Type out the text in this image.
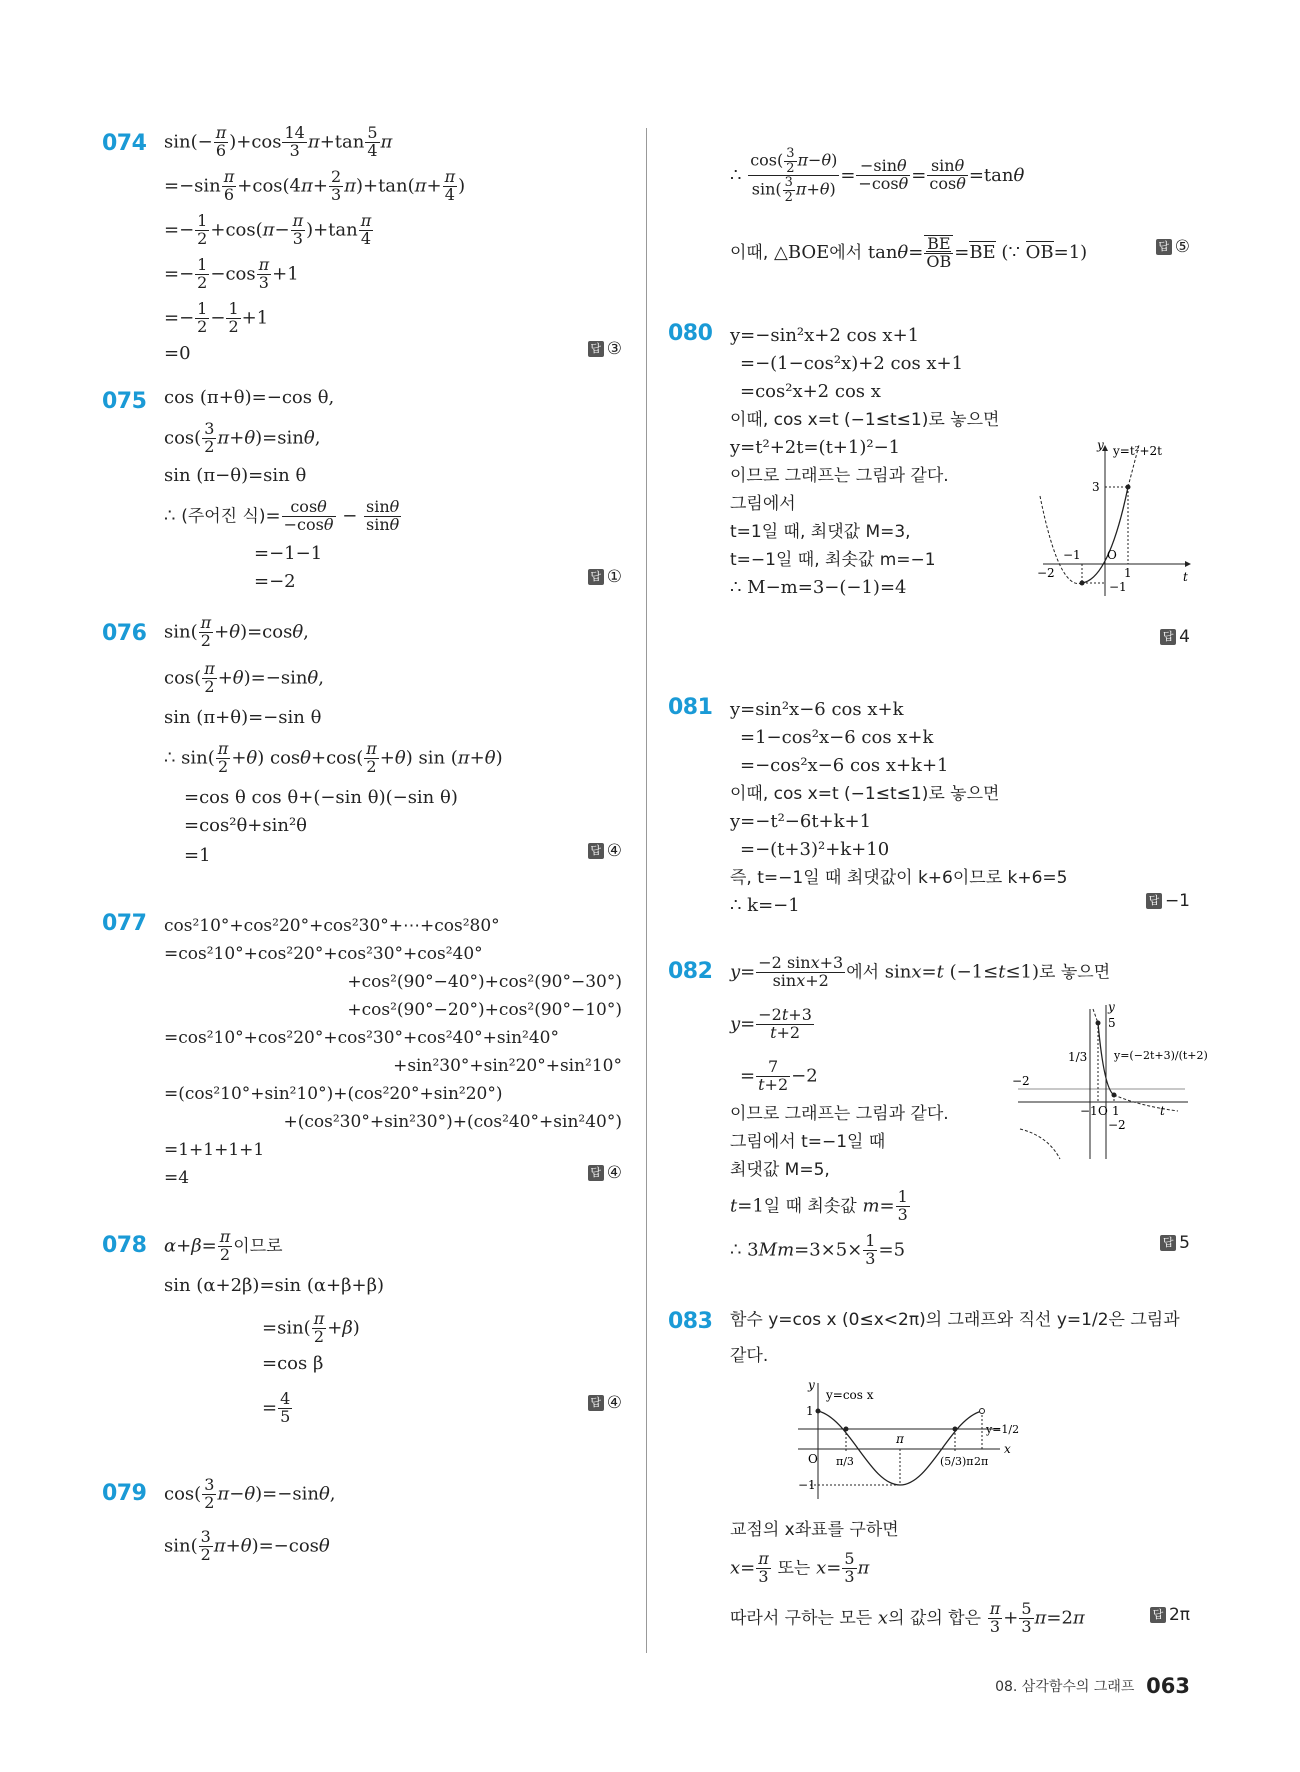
074 $\sin(- \frac{\pi}{6} )+\cos \frac{14}{3} \pi+\tan \frac{5}{4}$ π
$=-\sin \frac{\pi}{6} +\cos(4\pi+ \frac{2}{3} \pi)+\tan(\pi+ \frac{\pi}{4}$ )
=− $\frac{1}{2} +\cos(\pi- \frac{\pi}{3} )+\tan \frac{\pi}{4}$
=− $\frac{1}{2} -\cos \frac{\pi}{3} +1$
=− $\frac{1}{2} - \frac{1}{2} +1$
=0	답 ③
075 cos (π+θ)=−cos θ,
$\cos( \frac{3}{2} \pi+\theta)=\sin\theta$,
sin (π−θ)=sin θ
∴ (주어진 식)= $\frac{\cos\theta}{-\cos\theta} - \frac{\sin\theta}{\sin\theta}$
=−1−1
=−2	답 ①
076 $\sin( \frac{\pi}{2} +\theta)=\cos\theta$,
$\cos( \frac{\pi}{2} +\theta)=-\sin\theta$,
sin (π+θ)=−sin θ
∴ $\sin( \frac{\pi}{2} +\theta)$ $\cos\theta+\cos( \frac{\pi}{2} +\theta)$ sin (π+θ)
=cos θ cos θ+(−sin θ)(−sin θ)
=cos²θ+sin²θ
=1	답 ④
077 cos²10°+cos²20°+cos²30°+⋯+cos²80°
=cos²10°+cos²20°+cos²30°+cos²40°
+cos²(90°−40°)+cos²(90°−30°)
+cos²(90°−20°)+cos²(90°−10°)
=cos²10°+cos²20°+cos²30°+cos²40°+sin²40°
+sin²30°+sin²20°+sin²10°
=(cos²10°+sin²10°)+(cos²20°+sin²20°)
+(cos²30°+sin²30°)+(cos²40°+sin²40°)
=1+1+1+1
=4	답 ④
078 $\alpha+\beta= \frac{\pi}{2}$ 이므로
sin (α+2β)=sin (α+β+β)
$=\sin( \frac{\pi}{2} +\beta)$
=cos β
= $\frac{4}{5}$	답 ④
079 $\cos( \frac{3}{2} \pi-\theta)=-\sin\theta$,
$\sin( \frac{3}{2} \pi+\theta)=-\cos\theta$
∴ $\frac{\cos( \frac{3}{2} \pi-\theta)}{\sin( \frac{3}{2} \pi+\theta)} = \frac{-\sin\theta}{-\cos\theta} = \frac{\sin\theta}{\cos\theta} =\tan\theta$
이때, △BOE에서 $\tan\theta= \frac{BE}{OB} =BE$ (∵ OB=1)	답 ⑤
080 y=−sin²x+2 cos x+1
=−(1−cos²x)+2 cos x+1
=cos²x+2 cos x
이때, cos x=t (−1≤t≤1)로 놓으면
y=t²+2t=(t+1)²−1
이므로 그래프는 그림과 같다.
그림에서
t=1일 때, 최댓값 M=3,
t=−1일 때, 최솟값 m=−1
∴ M−m=3−(−1)=4
답 4
y
t
y=t²+2t
3
O
−1
−2	1
−1
081 y=sin²x−6 cos x+k
=1−cos²x−6 cos x+k
=−cos²x−6 cos x+k+1
이때, cos x=t (−1≤t≤1)로 놓으면
y=−t²−6t+k+1
=−(t+3)²+k+10
즉, t=−1일 때 최댓값이 k+6이므로 k+6=5
∴ k=−1	답 −1
082 $y= \frac{-2 \sin x+3}{\sin x+2}$ 에서 sinx=t (−1≤t≤1)로 놓으면
$y= \frac{-2t+3}{t+2}$
= $\frac{7}{t+2} -2$
이므로 그래프는 그림과 같다.
그림에서 t=−1일 때
최댓값 M=5,
t=1일 때 최솟값 $m= \frac{1}{3}$
∴ $3Mm=3\times 5\times \frac{1}{3} =5$	답 5
y
5
1/3
−2
−1 O 1	t
−2
y=(−2t+3)/(t+2)
083 함수 y=cos x (0≤x<2π)의 그래프와 직선 y=1/2은 그림과
같다.
y
y=cos x
1
y=1/2
π
O π/3	(5/3)π 2π
x
−1
교점의 x좌표를 구하면
$x= \frac{\pi}{3}$ 또는 $x= \frac{5}{3}$ π
따라서 구하는 모든 x의 값의 합은 $\frac{\pi}{3} + \frac{5}{3} \pi=2\pi$	답 2π
08. 삼각함수의 그래프 063
